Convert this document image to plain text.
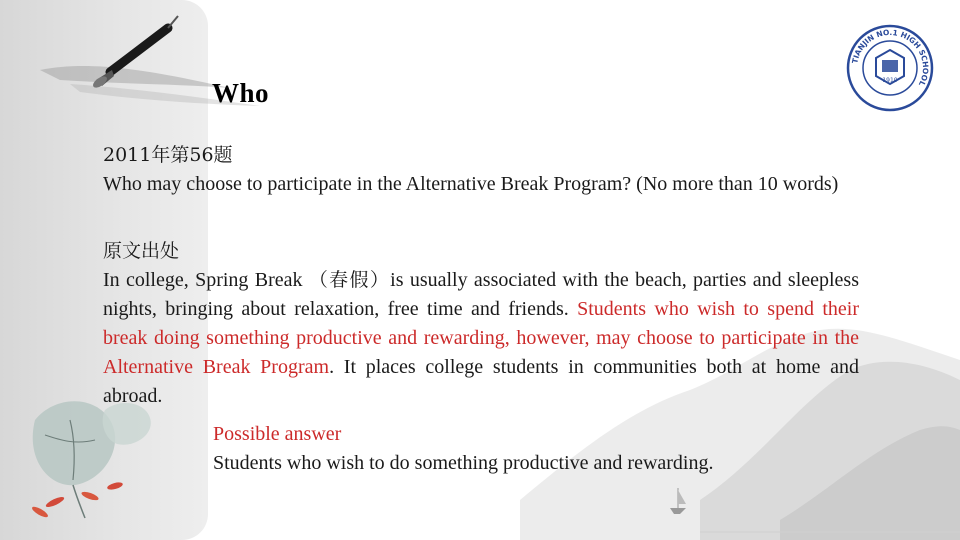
TIANJIN NO.1 HIGH SCHOOL
1910
Who
2011年第56题
Who may choose to participate in the Alternative Break Program? (No more than 10 words)
原文出处
In college, Spring Break （春假）is usually associated with the beach, parties and sleepless nights, bringing about relaxation, free time and friends. Students who wish to spend their break doing something productive and rewarding, however, may choose to participate in the Alternative Break Program. It places college students in communities both at home and abroad.
Possible answer
Students who wish to do something productive and rewarding.
